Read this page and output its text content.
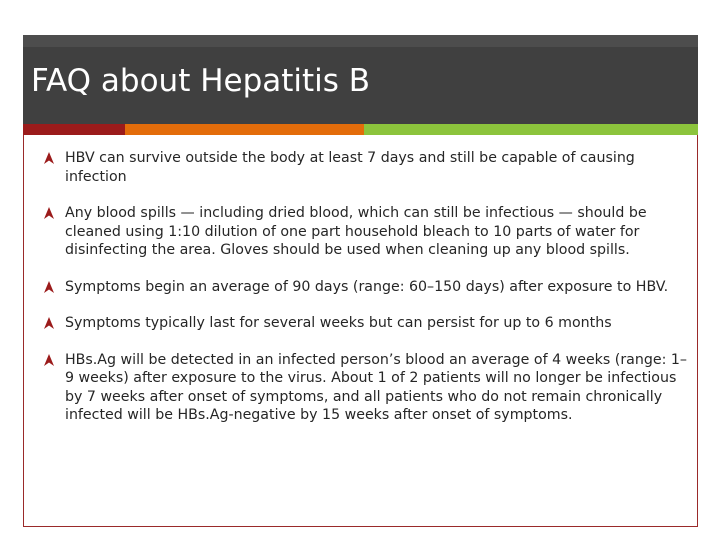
FAQ about Hepatitis B
HBV can survive outside the body at least 7 days and still be capable of causing infection
Any blood spills — including dried blood, which can still be infectious — should be cleaned using 1:10 dilution of one part household bleach to 10 parts of water for disinfecting the area. Gloves should be used when cleaning up any blood spills.
Symptoms begin an average of 90 days (range: 60–150 days) after exposure to HBV.
Symptoms typically last for several weeks but can persist for up to 6 months
HBs.Ag will be detected in an infected person’s blood an average of 4 weeks (range: 1–9 weeks) after exposure to the virus. About 1 of 2 patients will no longer be infectious by 7 weeks after onset of symptoms, and all patients who do not remain chronically infected will be HBs.Ag-negative by 15 weeks after onset of symptoms.
